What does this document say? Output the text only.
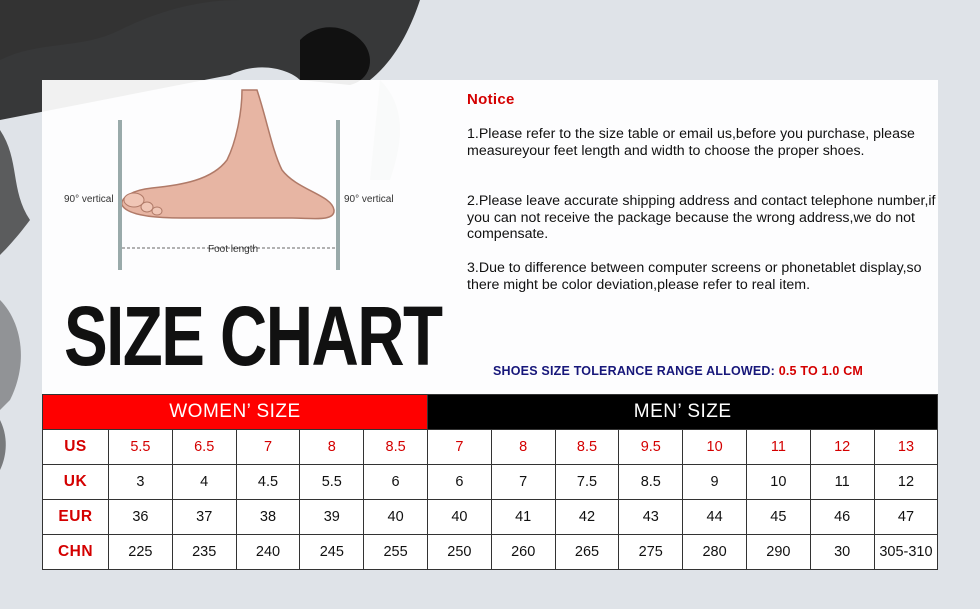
90° vertical	90° vertical
Foot length
Notice
1.Please refer to the size table or email us,before you purchase, please measureyour feet length and width to choose the proper shoes.
2.Please leave accurate shipping address and contact telephone number,if you can not receive the package because the wrong address,we do not compensate.
3.Due to difference between computer screens or phonetablet display,so there might be color deviation,please refer to real item.
SIZE CHART	SHOES SIZE TOLERANCE RANGE ALLOWED: 0.5 TO 1.0 CM
WOMEN’ SIZE						MEN’ SIZE							
US	5.5	6.5	7	8	8.5	7	8	8.5	9.5	10	11	12	13
UK	3	4	4.5	5.5	6	6	7	7.5	8.5	9	10	11	12
EUR	36	37	38	39	40	40	41	42	43	44	45	46	47
CHN	225	235	240	245	255	250	260	265	275	280	290	30	305-310
